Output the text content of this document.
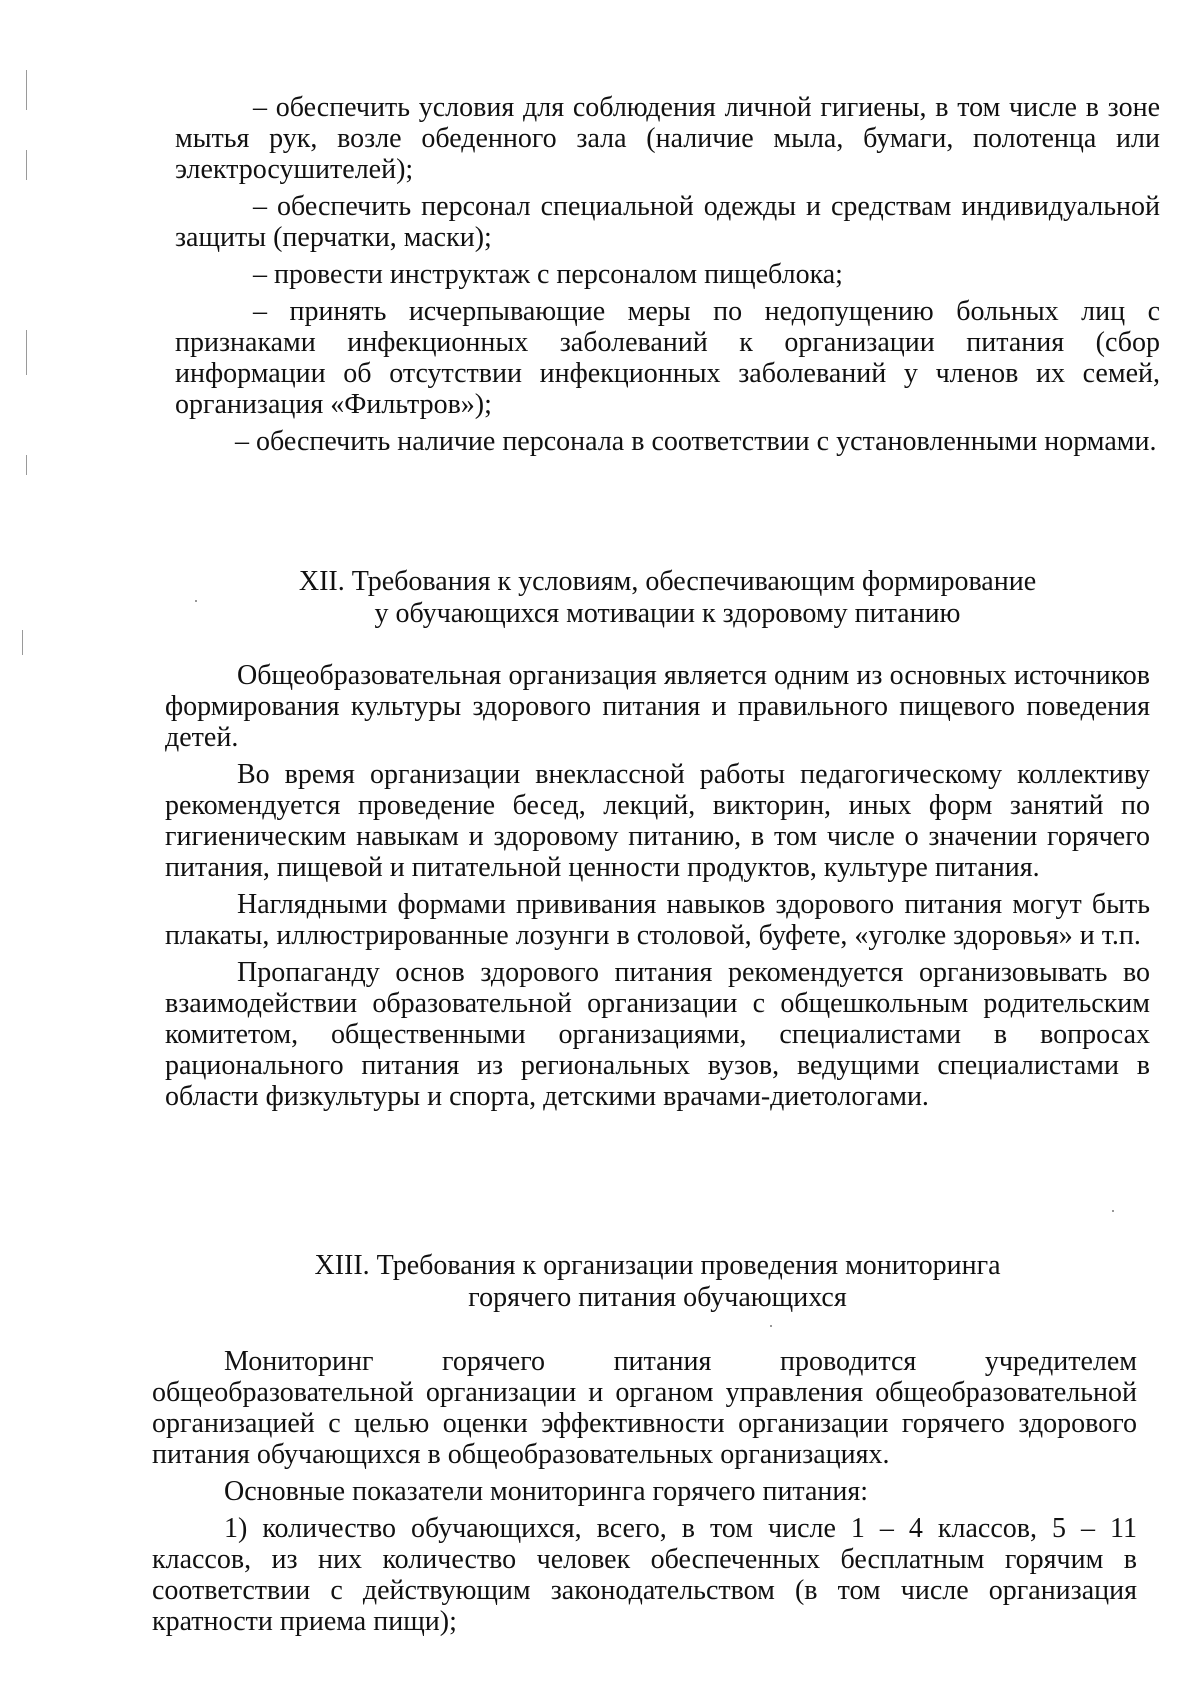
– обеспечить условия для соблюдения личной гигиены, в том числе в зоне мытья рук, возле обеденного зала (наличие мыла, бумаги, полотенца или электросушителей);

– обеспечить персонал специальной одежды и средствам индивидуальной защиты (перчатки, маски);

– провести инструктаж с персоналом пищеблока;

– принять исчерпывающие меры по недопущению больных лиц с признаками инфекционных заболеваний к организации питания (сбор информации об отсутствии инфекционных заболеваний у членов их семей, организация «Фильтров»);

– обеспечить наличие персонала в соответствии с установленными нормами.

XII. Требования к условиям, обеспечивающим формирование

у обучающихся мотивации к здоровому питанию

Общеобразовательная организация является одним из основных источников формирования культуры здорового питания и правильного пищевого поведения детей.

Во время организации внеклассной работы педагогическому коллективу рекомендуется проведение бесед, лекций, викторин, иных форм занятий по гигиеническим навыкам и здоровому питанию, в том числе о значении горячего питания, пищевой и питательной ценности продуктов, культуре питания.

Наглядными формами прививания навыков здорового питания могут быть плакаты, иллюстрированные лозунги в столовой, буфете, «уголке здоровья» и т.п.

Пропаганду основ здорового питания рекомендуется организовывать во взаимодействии образовательной организации с общешкольным родительским комитетом, общественными организациями, специалистами в вопросах рационального питания из региональных вузов, ведущими специалистами в области физкультуры и спорта, детскими врачами-диетологами.

XIII. Требования к организации проведения мониторинга

горячего питания обучающихся

Мониторинг горячего питания проводится учредителем общеобразовательной организации и органом управления общеобразовательной организацией с целью оценки эффективности организации горячего здорового питания обучающихся в общеобразовательных организациях.

Основные показатели мониторинга горячего питания:

1) количество обучающихся, всего, в том числе 1 – 4 классов, 5 – 11 классов, из них количество человек обеспеченных бесплатным горячим в соответствии с действующим законодательством (в том числе организация кратности приема пищи);
